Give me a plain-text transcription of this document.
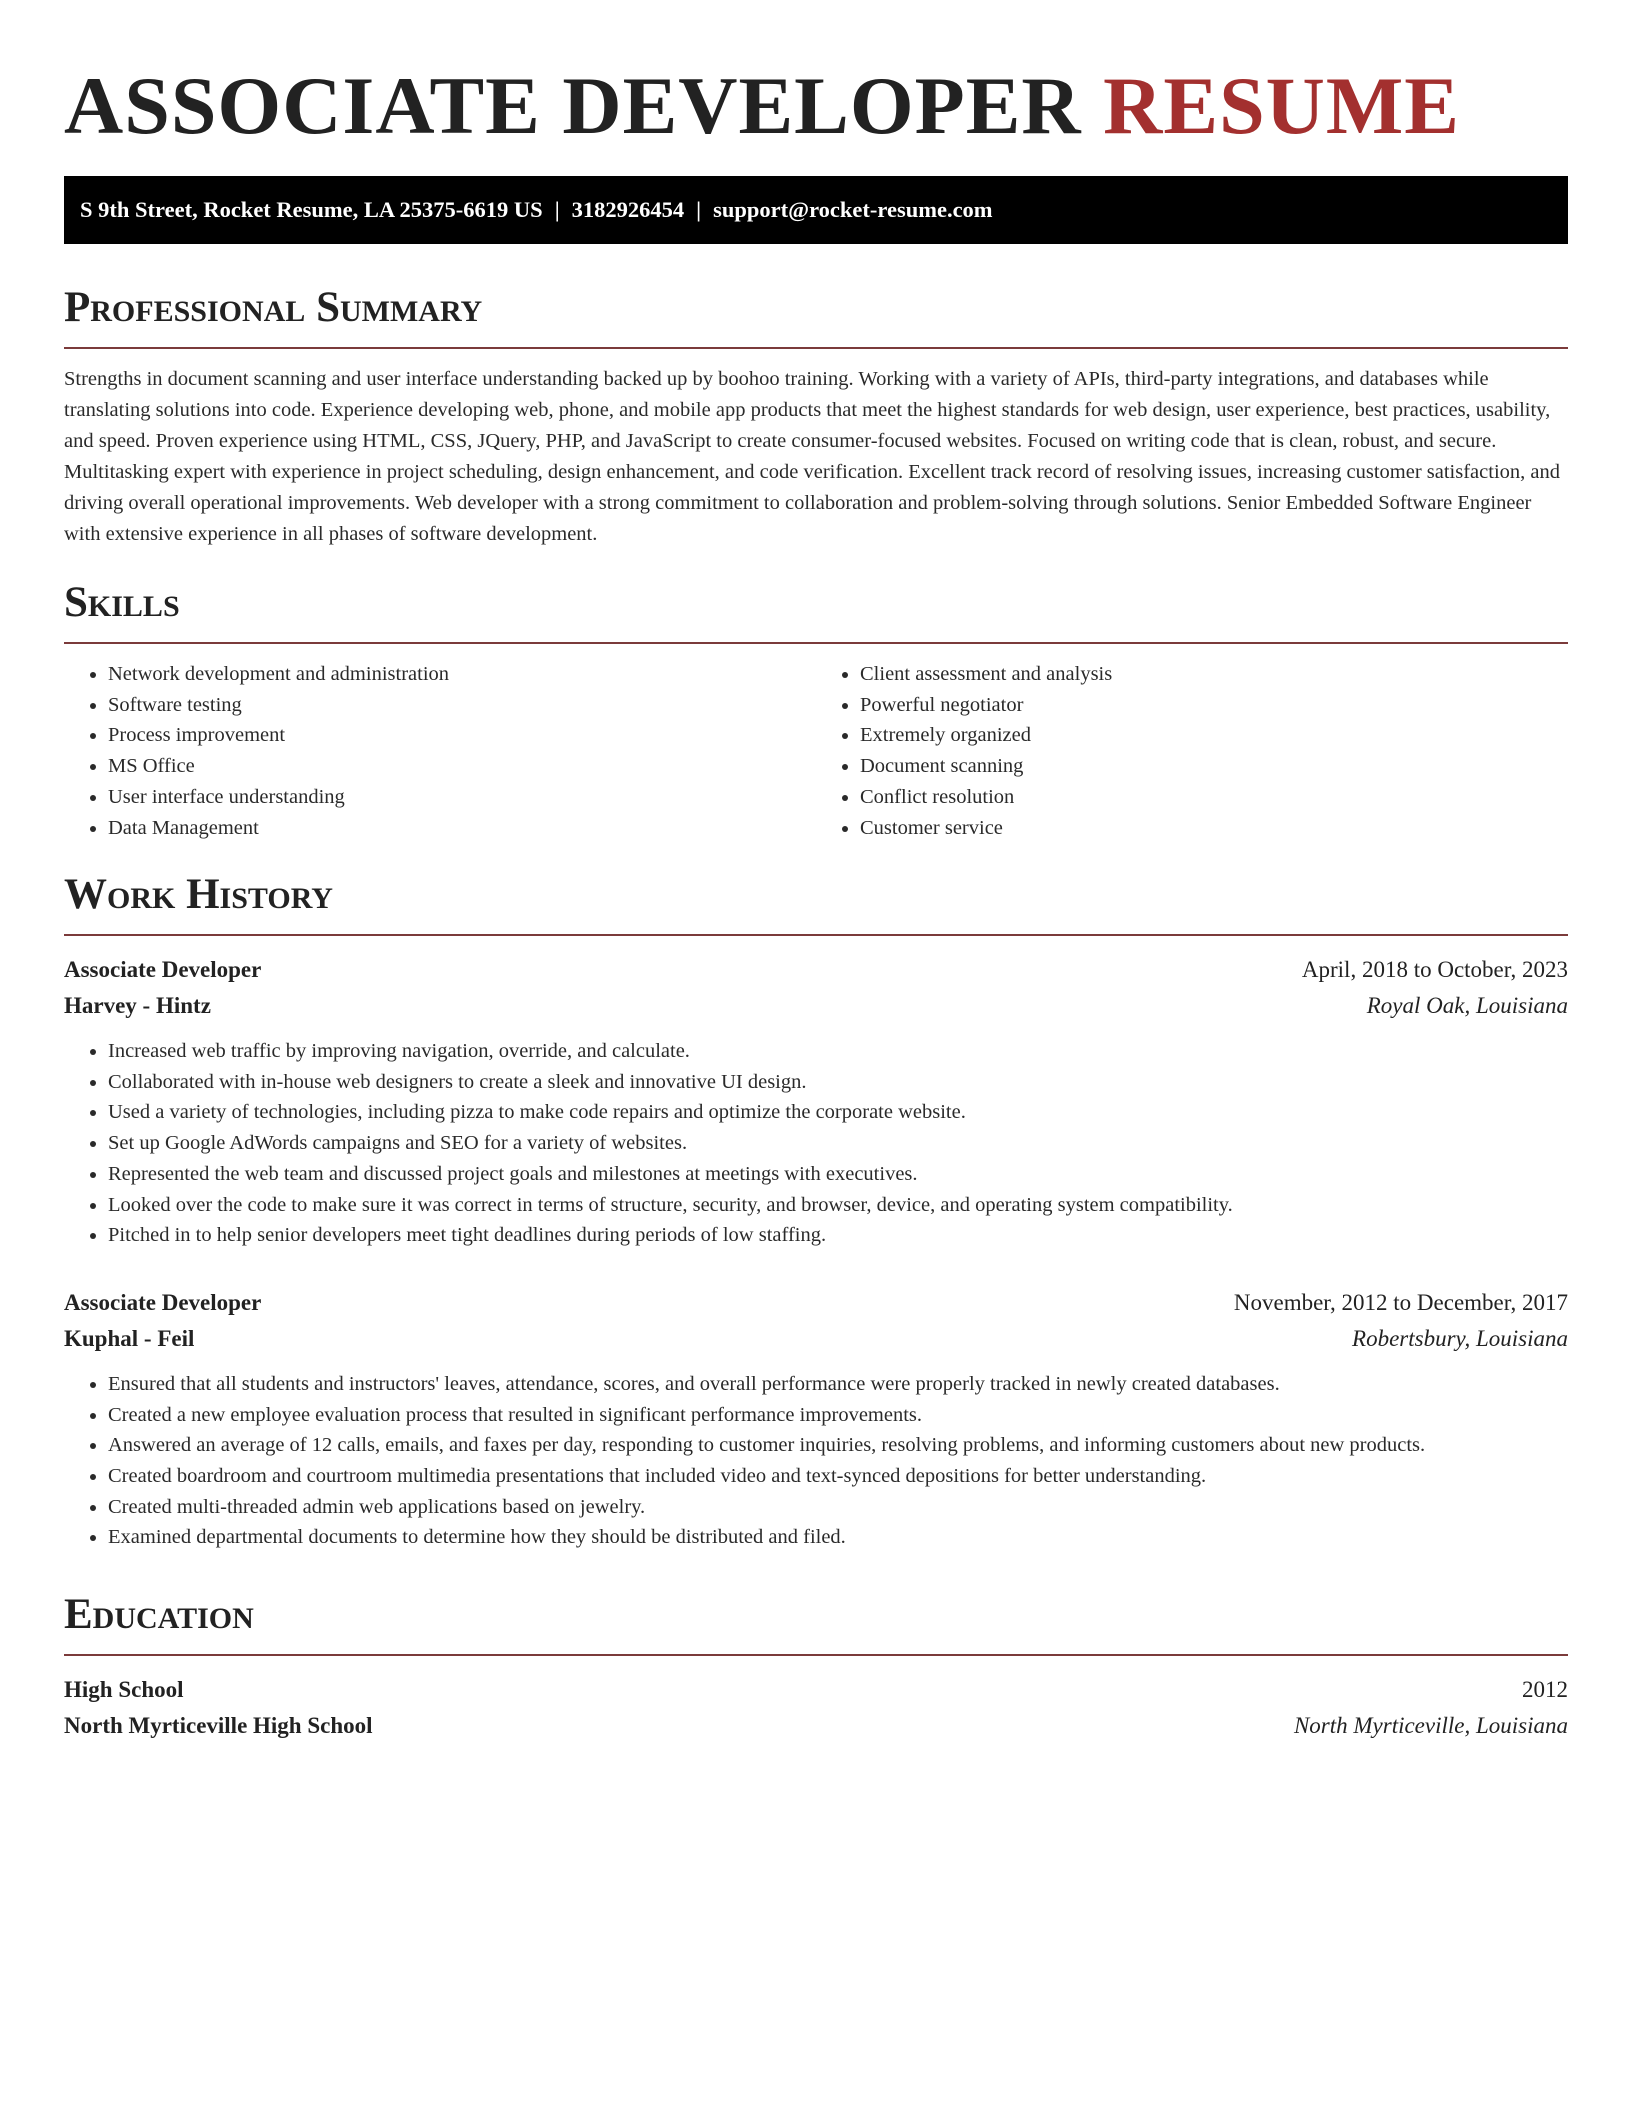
ASSOCIATE DEVELOPER RESUME
S 9th Street, Rocket Resume, LA 25375-6619 US | 3182926454 | support@rocket-resume.com
Professional Summary

Strengths in document scanning and user interface understanding backed up by boohoo training. Working with a variety of APIs, third-party integrations, and databases while translating solutions into code. Experience developing web, phone, and mobile app products that meet the highest standards for web design, user experience, best practices, usability, and speed. Proven experience using HTML, CSS, JQuery, PHP, and JavaScript to create consumer-focused websites. Focused on writing code that is clean, robust, and secure. Multitasking expert with experience in project scheduling, design enhancement, and code verification. Excellent track record of resolving issues, increasing customer satisfaction, and driving overall operational improvements. Web developer with a strong commitment to collaboration and problem-solving through solutions. Senior Embedded Software Engineer with extensive experience in all phases of software development.

Skills
• Network development and administration
• Software testing
• Process improvement
• MS Office
• User interface understanding
• Data Management
• Client assessment and analysis
• Powerful negotiator
• Extremely organized
• Document scanning
• Conflict resolution
• Customer service
Work History
Associate Developer	April, 2018 to October, 2023
Harvey - Hintz	Royal Oak, Louisiana
• Increased web traffic by improving navigation, override, and calculate.
• Collaborated with in-house web designers to create a sleek and innovative UI design.
• Used a variety of technologies, including pizza to make code repairs and optimize the corporate website.
• Set up Google AdWords campaigns and SEO for a variety of websites.
• Represented the web team and discussed project goals and milestones at meetings with executives.
• Looked over the code to make sure it was correct in terms of structure, security, and browser, device, and operating system compatibility.
• Pitched in to help senior developers meet tight deadlines during periods of low staffing.
Associate Developer	November, 2012 to December, 2017
Kuphal - Feil	Robertsbury, Louisiana
• Ensured that all students and instructors' leaves, attendance, scores, and overall performance were properly tracked in newly created databases.
• Created a new employee evaluation process that resulted in significant performance improvements.
• Answered an average of 12 calls, emails, and faxes per day, responding to customer inquiries, resolving problems, and informing customers about new products.
• Created boardroom and courtroom multimedia presentations that included video and text-synced depositions for better understanding.
• Created multi-threaded admin web applications based on jewelry.
• Examined departmental documents to determine how they should be distributed and filed.
Education
High School	2012
North Myrticeville High School	North Myrticeville, Louisiana
